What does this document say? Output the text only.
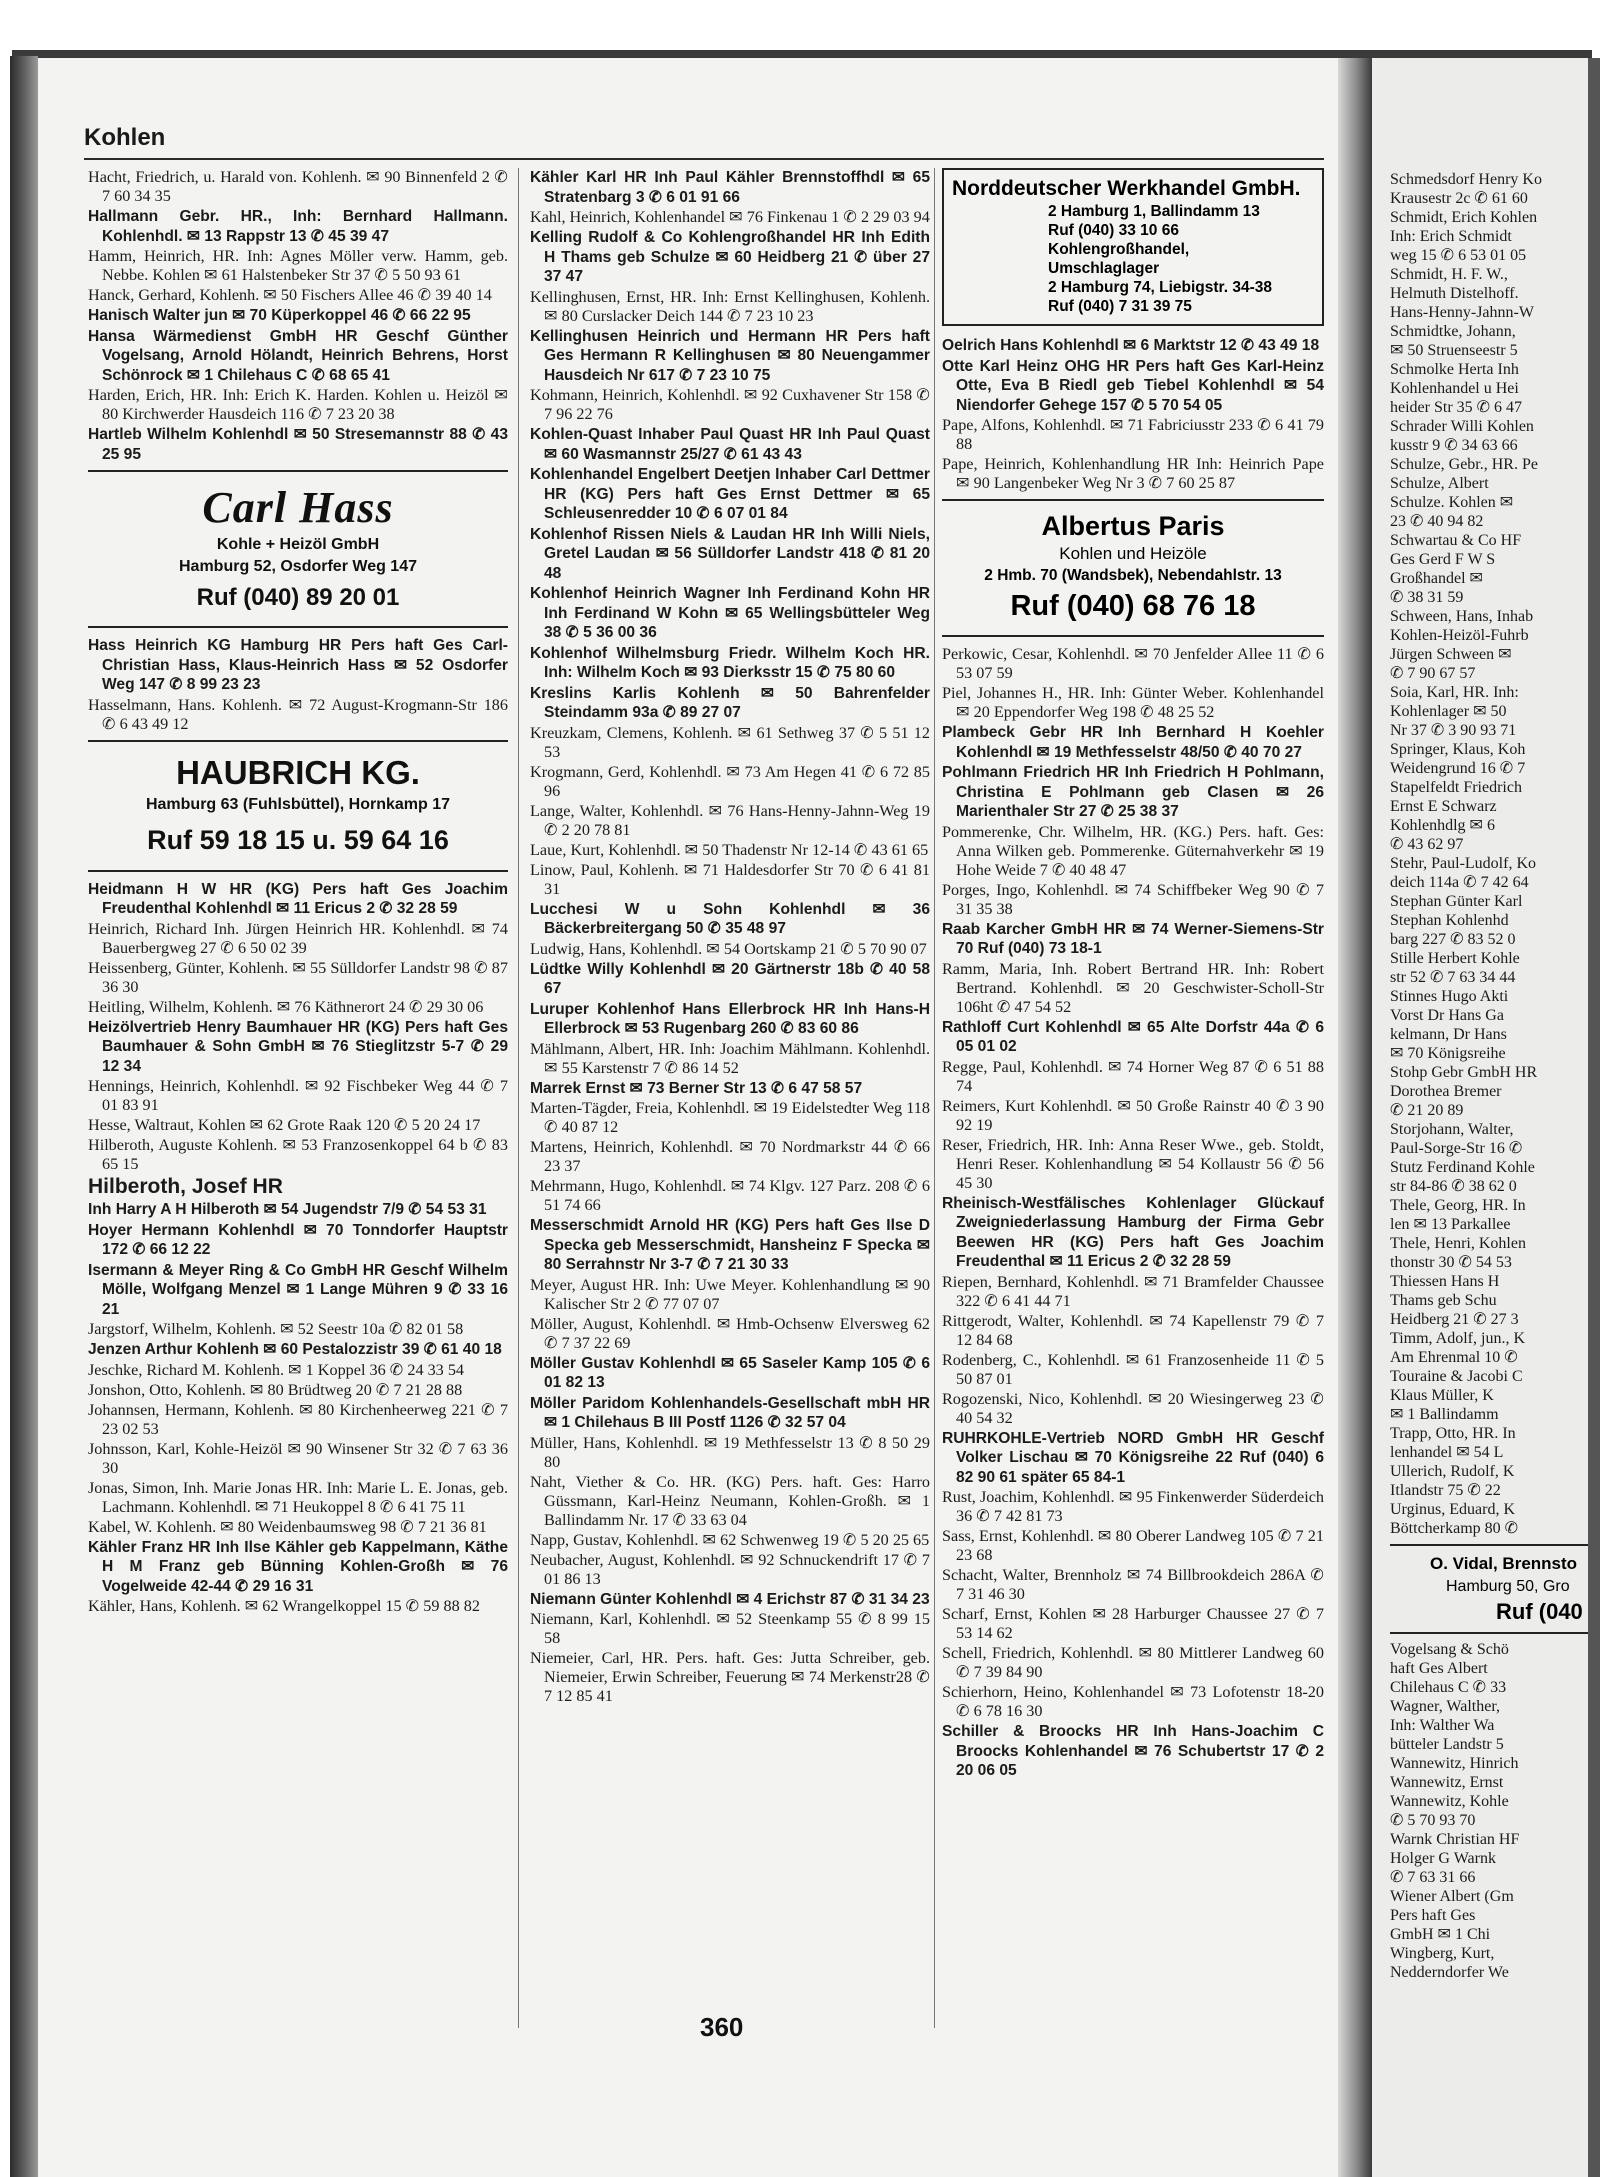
Kohlen
Hacht, Friedrich, u. Harald von. Kohlenh. ✉ 90 Binnenfeld 2 ✆ 7 60 34 35
Hallmann Gebr. HR., Inh: Bernhard Hallmann. Kohlenhdl. ✉ 13 Rappstr 13 ✆ 45 39 47
Hamm, Heinrich, HR. Inh: Agnes Möller verw. Hamm, geb. Nebbe. Kohlen ✉ 61 Halstenbeker Str 37 ✆ 5 50 93 61
Hanck, Gerhard, Kohlenh. ✉ 50 Fischers Allee 46 ✆ 39 40 14
Hanisch Walter jun ✉ 70 Küperkoppel 46 ✆ 66 22 95
Hansa Wärmedienst GmbH HR Geschf Günther Vogelsang, Arnold Hölandt, Heinrich Behrens, Horst Schönrock ✉ 1 Chilehaus C ✆ 68 65 41
Harden, Erich, HR. Inh: Erich K. Harden. Kohlen u. Heizöl ✉ 80 Kirchwerder Hausdeich 116 ✆ 7 23 20 38
Hartleb Wilhelm Kohlenhdl ✉ 50 Stresemannstr 88 ✆ 43 25 95
Carl Hass
Kohle + Heizöl GmbH
Hamburg 52, Osdorfer Weg 147
Ruf (040) 89 20 01
Hass Heinrich KG Hamburg HR Pers haft Ges Carl-Christian Hass, Klaus-Heinrich Hass ✉ 52 Osdorfer Weg 147 ✆ 8 99 23 23
Hasselmann, Hans. Kohlenh. ✉ 72 August-Krogmann-Str 186 ✆ 6 43 49 12
HAUBRICH KG.
Hamburg 63 (Fuhlsbüttel), Hornkamp 17
Ruf 59 18 15 u. 59 64 16
Heidmann H W HR (KG) Pers haft Ges Joachim Freudenthal Kohlenhdl ✉ 11 Ericus 2 ✆ 32 28 59
Heinrich, Richard Inh. Jürgen Heinrich HR. Kohlenhdl. ✉ 74 Bauerbergweg 27 ✆ 6 50 02 39
Heissenberg, Günter, Kohlenh. ✉ 55 Sülldorfer Landstr 98 ✆ 87 36 30
Heitling, Wilhelm, Kohlenh. ✉ 76 Käthnerort 24 ✆ 29 30 06
Heizölvertrieb Henry Baumhauer HR (KG) Pers haft Ges Baumhauer & Sohn GmbH ✉ 76 Stieglitzstr 5-7 ✆ 29 12 34
Hennings, Heinrich, Kohlenhdl. ✉ 92 Fischbeker Weg 44 ✆ 7 01 83 91
Hesse, Waltraut, Kohlen ✉ 62 Grote Raak 120 ✆ 5 20 24 17
Hilberoth, Auguste Kohlenh. ✉ 53 Franzosenkoppel 64 b ✆ 83 65 15
Hilberoth, Josef HR
Inh Harry A H Hilberoth ✉ 54 Jugendstr 7/9 ✆ 54 53 31
Hoyer Hermann Kohlenhdl ✉ 70 Tonndorfer Hauptstr 172 ✆ 66 12 22
Isermann & Meyer Ring & Co GmbH HR Geschf Wilhelm Mölle, Wolfgang Menzel ✉ 1 Lange Mühren 9 ✆ 33 16 21
Jargstorf, Wilhelm, Kohlenh. ✉ 52 Seestr 10a ✆ 82 01 58
Jenzen Arthur Kohlenh ✉ 60 Pestalozzistr 39 ✆ 61 40 18
Jeschke, Richard M. Kohlenh. ✉ 1 Koppel 36 ✆ 24 33 54
Jonshon, Otto, Kohlenh. ✉ 80 Brüdtweg 20 ✆ 7 21 28 88
Johannsen, Hermann, Kohlenh. ✉ 80 Kirchenheerweg 221 ✆ 7 23 02 53
Johnsson, Karl, Kohle-Heizöl ✉ 90 Winsener Str 32 ✆ 7 63 36 30
Jonas, Simon, Inh. Marie Jonas HR. Inh: Marie L. E. Jonas, geb. Lachmann. Kohlenhdl. ✉ 71 Heukoppel 8 ✆ 6 41 75 11
Kabel, W. Kohlenh. ✉ 80 Weidenbaumsweg 98 ✆ 7 21 36 81
Kähler Franz HR Inh Ilse Kähler geb Kappelmann, Käthe H M Franz geb Bünning Kohlen-Großh ✉ 76 Vogelweide 42-44 ✆ 29 16 31
Kähler, Hans, Kohlenh. ✉ 62 Wrangelkoppel 15 ✆ 59 88 82
Kähler Karl HR Inh Paul Kähler Brennstoffhdl ✉ 65 Stratenbarg 3 ✆ 6 01 91 66
Kahl, Heinrich, Kohlenhandel ✉ 76 Finkenau 1 ✆ 2 29 03 94
Kelling Rudolf & Co Kohlengroßhandel HR Inh Edith H Thams geb Schulze ✉ 60 Heidberg 21 ✆ über 27 37 47
Kellinghusen, Ernst, HR. Inh: Ernst Kellinghusen, Kohlenh. ✉ 80 Curslacker Deich 144 ✆ 7 23 10 23
Kellinghusen Heinrich und Hermann HR Pers haft Ges Hermann R Kellinghusen ✉ 80 Neuengammer Hausdeich Nr 617 ✆ 7 23 10 75
Kohmann, Heinrich, Kohlenhdl. ✉ 92 Cuxhavener Str 158 ✆ 7 96 22 76
Kohlen-Quast Inhaber Paul Quast HR Inh Paul Quast ✉ 60 Wasmannstr 25/27 ✆ 61 43 43
Kohlenhandel Engelbert Deetjen Inhaber Carl Dettmer HR (KG) Pers haft Ges Ernst Dettmer ✉ 65 Schleusenredder 10 ✆ 6 07 01 84
Kohlenhof Rissen Niels & Laudan HR Inh Willi Niels, Gretel Laudan ✉ 56 Sülldorfer Landstr 418 ✆ 81 20 48
Kohlenhof Heinrich Wagner Inh Ferdinand Kohn HR Inh Ferdinand W Kohn ✉ 65 Wellingsbütteler Weg 38 ✆ 5 36 00 36
Kohlenhof Wilhelmsburg Friedr. Wilhelm Koch HR. Inh: Wilhelm Koch ✉ 93 Dierksstr 15 ✆ 75 80 60
Kreslins Karlis Kohlenh ✉ 50 Bahrenfelder Steindamm 93a ✆ 89 27 07
Kreuzkam, Clemens, Kohlenh. ✉ 61 Sethweg 37 ✆ 5 51 12 53
Krogmann, Gerd, Kohlenhdl. ✉ 73 Am Hegen 41 ✆ 6 72 85 96
Lange, Walter, Kohlenhdl. ✉ 76 Hans-Henny-Jahnn-Weg 19 ✆ 2 20 78 81
Laue, Kurt, Kohlenhdl. ✉ 50 Thadenstr Nr 12-14 ✆ 43 61 65
Linow, Paul, Kohlenh. ✉ 71 Haldesdorfer Str 70 ✆ 6 41 81 31
Lucchesi W u Sohn Kohlenhdl ✉ 36 Bäckerbreitergang 50 ✆ 35 48 97
Ludwig, Hans, Kohlenhdl. ✉ 54 Oortskamp 21 ✆ 5 70 90 07
Lüdtke Willy Kohlenhdl ✉ 20 Gärtnerstr 18b ✆ 40 58 67
Luruper Kohlenhof Hans Ellerbrock HR Inh Hans-H Ellerbrock ✉ 53 Rugenbarg 260 ✆ 83 60 86
Mählmann, Albert, HR. Inh: Joachim Mählmann. Kohlenhdl. ✉ 55 Karstenstr 7 ✆ 86 14 52
Marrek Ernst ✉ 73 Berner Str 13 ✆ 6 47 58 57
Marten-Tägder, Freia, Kohlenhdl. ✉ 19 Eidelstedter Weg 118 ✆ 40 87 12
Martens, Heinrich, Kohlenhdl. ✉ 70 Nordmarkstr 44 ✆ 66 23 37
Mehrmann, Hugo, Kohlenhdl. ✉ 74 Klgv. 127 Parz. 208 ✆ 6 51 74 66
Messerschmidt Arnold HR (KG) Pers haft Ges Ilse D Specka geb Messerschmidt, Hansheinz F Specka ✉ 80 Serrahnstr Nr 3-7 ✆ 7 21 30 33
Meyer, August HR. Inh: Uwe Meyer. Kohlenhandlung ✉ 90 Kalischer Str 2 ✆ 77 07 07
Möller, August, Kohlenhdl. ✉ Hmb-Ochsenw Elversweg 62 ✆ 7 37 22 69
Möller Gustav Kohlenhdl ✉ 65 Saseler Kamp 105 ✆ 6 01 82 13
Möller Paridom Kohlenhandels-Gesellschaft mbH HR ✉ 1 Chilehaus B III Postf 1126 ✆ 32 57 04
Müller, Hans, Kohlenhdl. ✉ 19 Methfesselstr 13 ✆ 8 50 29 80
Naht, Viether & Co. HR. (KG) Pers. haft. Ges: Harro Güssmann, Karl-Heinz Neumann, Kohlen-Großh. ✉ 1 Ballindamm Nr. 17 ✆ 33 63 04
Napp, Gustav, Kohlenhdl. ✉ 62 Schwenweg 19 ✆ 5 20 25 65
Neubacher, August, Kohlenhdl. ✉ 92 Schnuckendrift 17 ✆ 7 01 86 13
Niemann Günter Kohlenhdl ✉ 4 Erichstr 87 ✆ 31 34 23
Niemann, Karl, Kohlenhdl. ✉ 52 Steenkamp 55 ✆ 8 99 15 58
Niemeier, Carl, HR. Pers. haft. Ges: Jutta Schreiber, geb. Niemeier, Erwin Schreiber, Feuerung ✉ 74 Merkenstr28 ✆ 7 12 85 41
Norddeutscher Werkhandel GmbH.
2 Hamburg 1, Ballindamm 13
Ruf (040) 33 10 66
Kohlengroßhandel,
Umschlaglager
2 Hamburg 74, Liebigstr. 34-38
Ruf (040) 7 31 39 75
Oelrich Hans Kohlenhdl ✉ 6 Marktstr 12 ✆ 43 49 18
Otte Karl Heinz OHG HR Pers haft Ges Karl-Heinz Otte, Eva B Riedl geb Tiebel Kohlenhdl ✉ 54 Niendorfer Gehege 157 ✆ 5 70 54 05
Pape, Alfons, Kohlenhdl. ✉ 71 Fabriciusstr 233 ✆ 6 41 79 88
Pape, Heinrich, Kohlenhandlung HR Inh: Heinrich Pape ✉ 90 Langenbeker Weg Nr 3 ✆ 7 60 25 87
Albertus Paris
Kohlen und Heizöle
2 Hmb. 70 (Wandsbek), Nebendahlstr. 13
Ruf (040) 68 76 18
Perkowic, Cesar, Kohlenhdl. ✉ 70 Jenfelder Allee 11 ✆ 6 53 07 59
Piel, Johannes H., HR. Inh: Günter Weber. Kohlenhandel ✉ 20 Eppendorfer Weg 198 ✆ 48 25 52
Plambeck Gebr HR Inh Bernhard H Koehler Kohlenhdl ✉ 19 Methfesselstr 48/50 ✆ 40 70 27
Pohlmann Friedrich HR Inh Friedrich H Pohlmann, Christina E Pohlmann geb Clasen ✉ 26 Marienthaler Str 27 ✆ 25 38 37
Pommerenke, Chr. Wilhelm, HR. (KG.) Pers. haft. Ges: Anna Wilken geb. Pommerenke. Güternahverkehr ✉ 19 Hohe Weide 7 ✆ 40 48 47
Porges, Ingo, Kohlenhdl. ✉ 74 Schiffbeker Weg 90 ✆ 7 31 35 38
Raab Karcher GmbH HR ✉ 74 Werner-Siemens-Str 70 Ruf (040) 73 18-1
Ramm, Maria, Inh. Robert Bertrand HR. Inh: Robert Bertrand. Kohlenhdl. ✉ 20 Geschwister-Scholl-Str 106ht ✆ 47 54 52
Rathloff Curt Kohlenhdl ✉ 65 Alte Dorfstr 44a ✆ 6 05 01 02
Regge, Paul, Kohlenhdl. ✉ 74 Horner Weg 87 ✆ 6 51 88 74
Reimers, Kurt Kohlenhdl. ✉ 50 Große Rainstr 40 ✆ 3 90 92 19
Reser, Friedrich, HR. Inh: Anna Reser Wwe., geb. Stoldt, Henri Reser. Kohlenhandlung ✉ 54 Kollaustr 56 ✆ 56 45 30
Rheinisch-Westfälisches Kohlenlager Glückauf Zweigniederlassung Hamburg der Firma Gebr Beewen HR (KG) Pers haft Ges Joachim Freudenthal ✉ 11 Ericus 2 ✆ 32 28 59
Riepen, Bernhard, Kohlenhdl. ✉ 71 Bramfelder Chaussee 322 ✆ 6 41 44 71
Rittgerodt, Walter, Kohlenhdl. ✉ 74 Kapellenstr 79 ✆ 7 12 84 68
Rodenberg, C., Kohlenhdl. ✉ 61 Franzosenheide 11 ✆ 5 50 87 01
Rogozenski, Nico, Kohlenhdl. ✉ 20 Wiesingerweg 23 ✆ 40 54 32
RUHRKOHLE-Vertrieb NORD GmbH HR Geschf Volker Lischau ✉ 70 Königsreihe 22 Ruf (040) 6 82 90 61 später 65 84-1
Rust, Joachim, Kohlenhdl. ✉ 95 Finkenwerder Süderdeich 36 ✆ 7 42 81 73
Sass, Ernst, Kohlenhdl. ✉ 80 Oberer Landweg 105 ✆ 7 21 23 68
Schacht, Walter, Brennholz ✉ 74 Billbrookdeich 286A ✆ 7 31 46 30
Scharf, Ernst, Kohlen ✉ 28 Harburger Chaussee 27 ✆ 7 53 14 62
Schell, Friedrich, Kohlenhdl. ✉ 80 Mittlerer Landweg 60 ✆ 7 39 84 90
Schierhorn, Heino, Kohlenhandel ✉ 73 Lofotenstr 18-20 ✆ 6 78 16 30
Schiller & Broocks HR Inh Hans-Joachim C Broocks Kohlenhandel ✉ 76 Schubertstr 17 ✆ 2 20 06 05
360
Schmedsdorf Henry Ko
Krausestr 2c ✆ 61 60
Schmidt, Erich Kohlen
Inh: Erich Schmidt
weg 15 ✆ 6 53 01 05
Schmidt, H. F. W.,
Helmuth Distelhoff.
Hans-Henny-Jahnn-W
Schmidtke, Johann,
✉ 50 Struenseestr 5
Schmolke Herta Inh
Kohlenhandel u Hei
heider Str 35 ✆ 6 47
Schrader Willi Kohlen
kusstr 9 ✆ 34 63 66
Schulze, Gebr., HR. Pe
Schulze, Albert
Schulze. Kohlen ✉
23 ✆ 40 94 82
Schwartau & Co HF
Ges Gerd F W S
Großhandel ✉
✆ 38 31 59
Schween, Hans, Inhab
Kohlen-Heizöl-Fuhrb
Jürgen Schween ✉
✆ 7 90 67 57
Soia, Karl, HR. Inh:
Kohlenlager ✉ 50
Nr 37 ✆ 3 90 93 71
Springer, Klaus, Koh
Weidengrund 16 ✆ 7
Stapelfeldt Friedrich
Ernst E Schwarz
Kohlenhdlg ✉ 6
✆ 43 62 97
Stehr, Paul-Ludolf, Ko
deich 114a ✆ 7 42 64
Stephan Günter Karl
Stephan Kohlenhd
barg 227 ✆ 83 52 0
Stille Herbert Kohle
str 52 ✆ 7 63 34 44
Stinnes Hugo Akti
Vorst Dr Hans Ga
kelmann, Dr Hans
✉ 70 Königsreihe
Stohp Gebr GmbH HR
Dorothea Bremer
✆ 21 20 89
Storjohann, Walter,
Paul-Sorge-Str 16 ✆
Stutz Ferdinand Kohle
str 84-86 ✆ 38 62 0
Thele, Georg, HR. In
len ✉ 13 Parkallee
Thele, Henri, Kohlen
thonstr 30 ✆ 54 53
Thiessen Hans H
Thams geb Schu
Heidberg 21 ✆ 27 3
Timm, Adolf, jun., K
Am Ehrenmal 10 ✆
Touraine & Jacobi C
Klaus Müller, K
✉ 1 Ballindamm
Trapp, Otto, HR. In
lenhandel ✉ 54 L
Ullerich, Rudolf, K
Itlandstr 75 ✆ 22
Urginus, Eduard, K
Böttcherkamp 80 ✆
O. Vidal, Brennsto
Hamburg 50, Gro
Ruf (040
Vogelsang & Schö
haft Ges Albert
Chilehaus C ✆ 33
Wagner, Walther,
Inh: Walther Wa
bütteler Landstr 5
Wannewitz, Hinrich
Wannewitz, Ernst
Wannewitz, Kohle
✆ 5 70 93 70
Warnk Christian HF
Holger G Warnk
✆ 7 63 31 66
Wiener Albert (Gm
Pers haft Ges
GmbH ✉ 1 Chi
Wingberg, Kurt,
Nedderndorfer We
